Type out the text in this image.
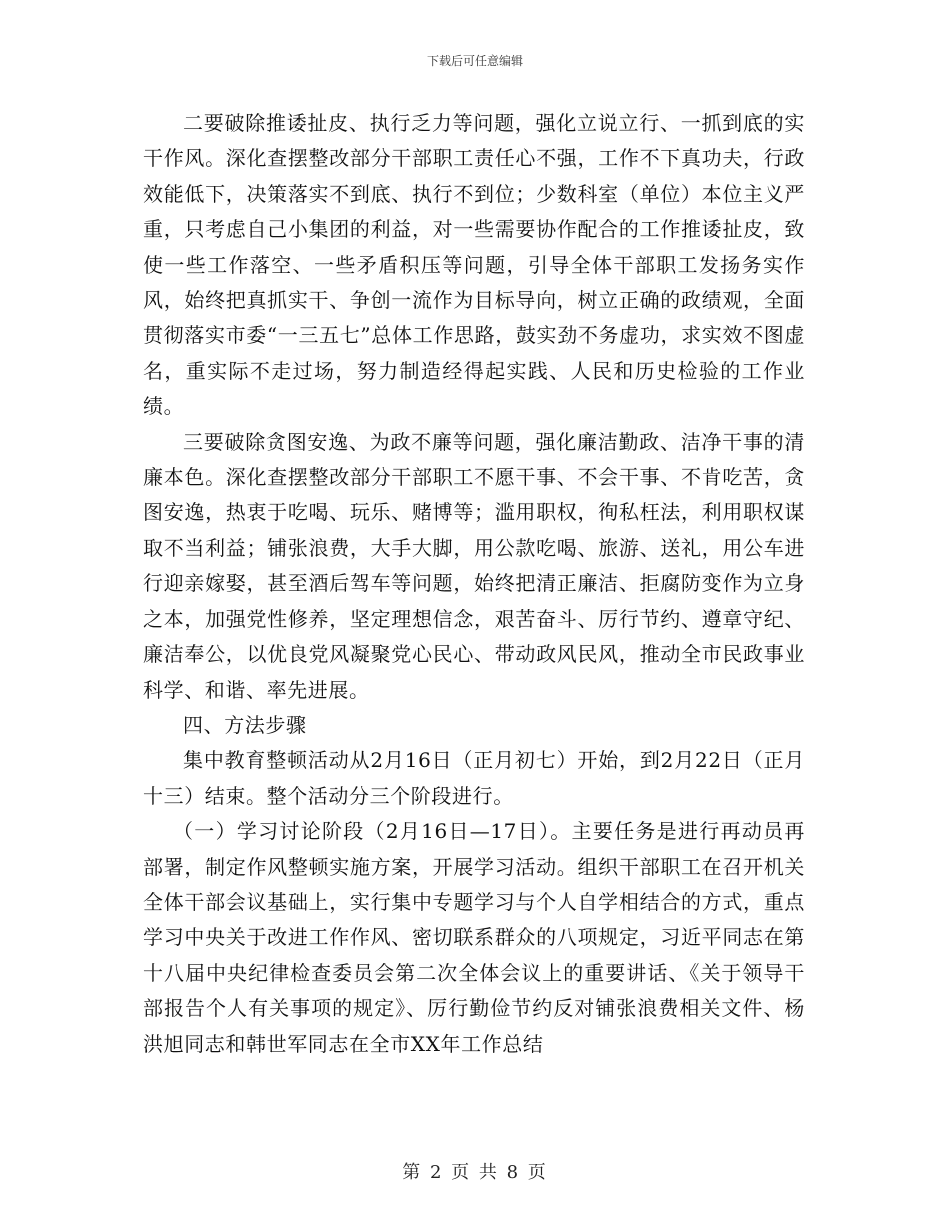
下载后可任意编辑

二要破除推诿扯皮、执行乏力等问题，强化立说立行、一抓到底的实干作风。深化查摆整改部分干部职工责任心不强，工作不下真功夫，行政效能低下，决策落实不到底、执行不到位；少数科室（单位）本位主义严重，只考虑自己小集团的利益，对一些需要协作配合的工作推诿扯皮，致使一些工作落空、一些矛盾积压等问题，引导全体干部职工发扬务实作风，始终把真抓实干、争创一流作为目标导向，树立正确的政绩观，全面贯彻落实市委“一三五七”总体工作思路，鼓实劲不务虚功，求实效不图虚名，重实际不走过场，努力制造经得起实践、人民和历史检验的工作业绩。

三要破除贪图安逸、为政不廉等问题，强化廉洁勤政、洁净干事的清廉本色。深化查摆整改部分干部职工不愿干事、不会干事、不肯吃苦，贪图安逸，热衷于吃喝、玩乐、赌博等；滥用职权，徇私枉法，利用职权谋取不当利益；铺张浪费，大手大脚，用公款吃喝、旅游、送礼，用公车进行迎亲嫁娶，甚至酒后驾车等问题，始终把清正廉洁、拒腐防变作为立身之本，加强党性修养，坚定理想信念，艰苦奋斗、厉行节约、遵章守纪、廉洁奉公，以优良党风凝聚党心民心、带动政风民风，推动全市民政事业科学、和谐、率先进展。

四、方法步骤

集中教育整顿活动从2月16日（正月初七）开始，到2月22日（正月十三）结束。整个活动分三个阶段进行。

（一）学习讨论阶段（2月16日—17日）。主要任务是进行再动员再部署，制定作风整顿实施方案，开展学习活动。组织干部职工在召开机关全体干部会议基础上，实行集中专题学习与个人自学相结合的方式，重点学习中央关于改进工作作风、密切联系群众的八项规定，习近平同志在第十八届中央纪律检查委员会第二次全体会议上的重要讲话、《关于领导干部报告个人有关事项的规定》、厉行勤俭节约反对铺张浪费相关文件、杨洪旭同志和韩世军同志在全市XX年工作总结

第 2 页 共 8 页
